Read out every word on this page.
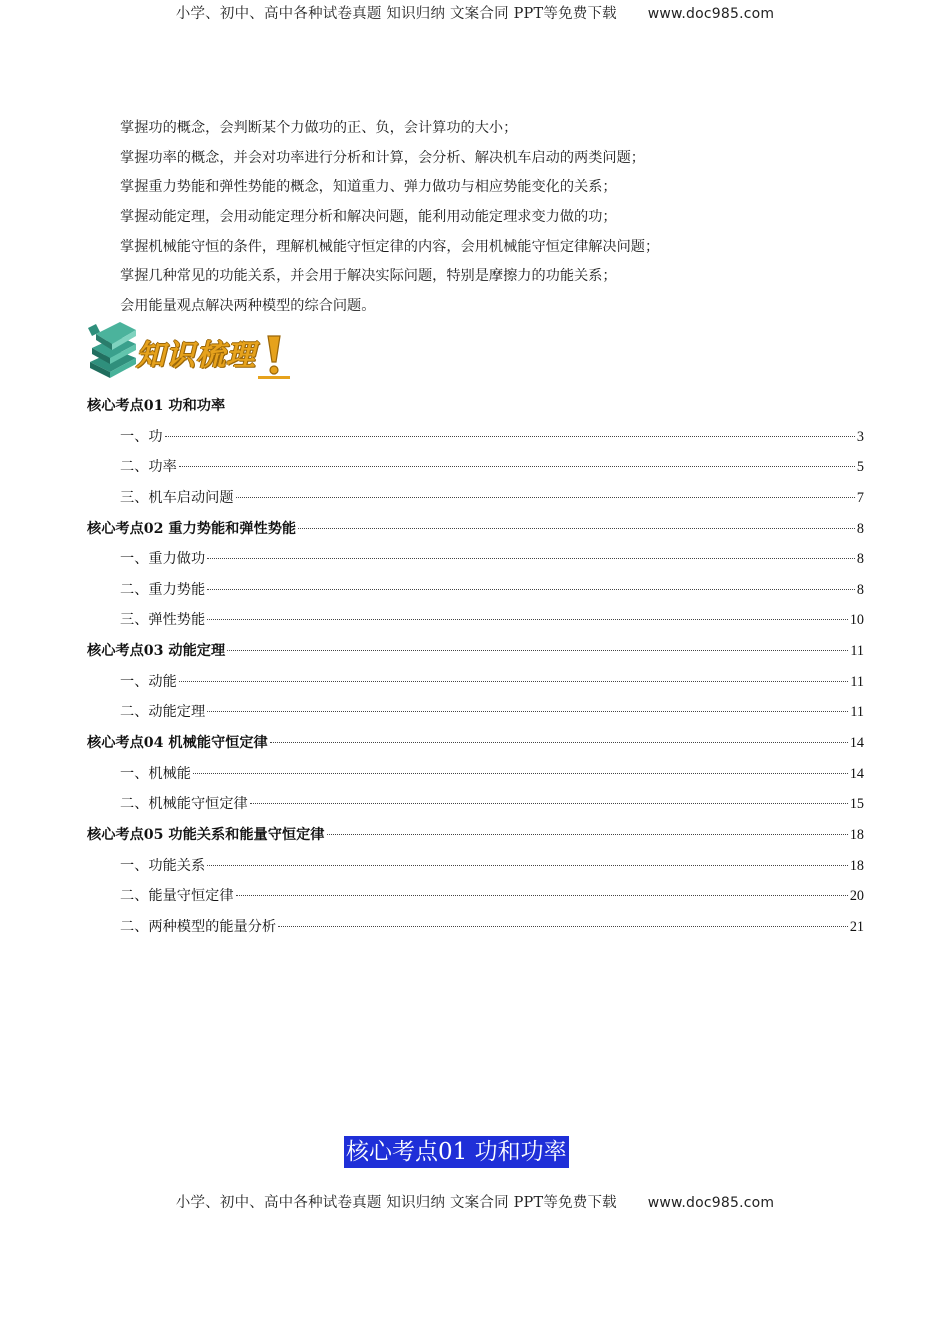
小学、初中、高中各种试卷真题 知识归纳 文案合同 PPT等免费下载 www.doc985.com
掌握功的概念，会判断某个力做功的正、负，会计算功的大小；
掌握功率的概念，并会对功率进行分析和计算，会分析、解决机车启动的两类问题；
掌握重力势能和弹性势能的概念，知道重力、弹力做功与相应势能变化的关系；
掌握动能定理，会用动能定理分析和解决问题，能利用动能定理求变力做的功；
掌握机械能守恒的条件，理解机械能守恒定律的内容，会用机械能守恒定律解决问题；
掌握几种常见的功能关系，并会用于解决实际问题，特别是摩擦力的功能关系；
会用能量观点解决两种模型的综合问题。
知识梳理
核心考点01 功和功率
一、功	3
二、功率	5
三、机车启动问题	7
核心考点02 重力势能和弹性势能	8
一、重力做功	8
二、重力势能	8
三、弹性势能	10
核心考点03 动能定理	11
一、动能	11
二、动能定理	11
核心考点04 机械能守恒定律	14
一、机械能	14
二、机械能守恒定律	15
核心考点05 功能关系和能量守恒定律	18
一、功能关系	18
二、能量守恒定律	20
二、两种模型的能量分析	21
核心考点01 功和功率
小学、初中、高中各种试卷真题 知识归纳 文案合同 PPT等免费下载 www.doc985.com
